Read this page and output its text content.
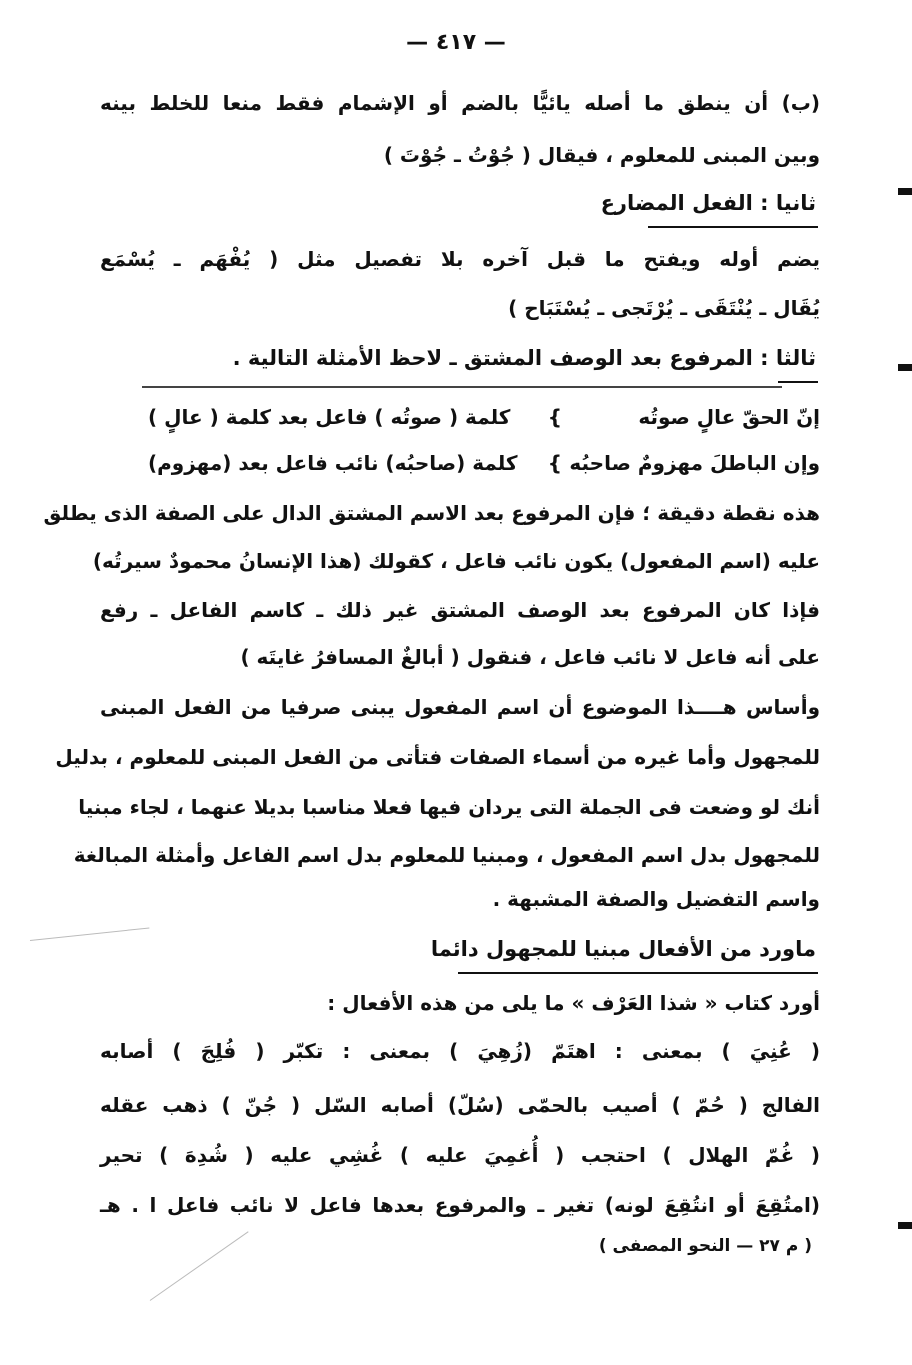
— ٤١٧ —
(ب) أن ينطق ما أصله يائيًّا بالضم أو الإشمام فقط منعا للخلط بينه
وبين المبنى للمعلوم ، فيقال ( جُوْتُ ـ جُوْتَ )
ثانيا : الفعل المضارع
يضم أوله ويفتح ما قبل آخره بلا تفصيل مثل ( يُفْهَم ـ يُسْمَع
يُقَال ـ يُنْتَقَى ـ يُرْتَجى ـ يُسْتَبَاح )
ثالثا : المرفوع بعد الوصف المشتق ـ لاحظ الأمثلة التالية .
إنّ الحقّ عالٍ صوتُه
}
كلمة ( صوتُه ) فاعل بعد كلمة ( عالٍ )
وإن الباطلَ مهزومٌ صاحبُه
}
كلمة (صاحبُه) نائب فاعل بعد (مهزوم)
هذه نقطة دقيقة ؛ فإن المرفوع بعد الاسم المشتق الدال على الصفة الذى يطلق
عليه (اسم المفعول) يكون نائب فاعل ، كقولك (هذا الإنسانُ محمودٌ سيرتُه)
فإذا كان المرفوع بعد الوصف المشتق غير ذلك ـ كاسم الفاعل ـ رفع
على أنه فاعل لا نائب فاعل ، فنقول ( أبالغٌ المسافرُ غايتَه )
وأساس هــــذا الموضوع أن اسم المفعول يبنى صرفيا من الفعل المبنى
للمجهول وأما غيره من أسماء الصفات فتأتى من الفعل المبنى للمعلوم ، بدليل
أنك لو وضعت فى الجملة التى يردان فيها فعلا مناسبا بديلا عنهما ، لجاء مبنيا
للمجهول بدل اسم المفعول ، ومبنيا للمعلوم بدل اسم الفاعل وأمثلة المبالغة
واسم التفضيل والصفة المشبهة .
ماورد من الأفعال مبنيا للمجهول دائما
أورد كتاب « شذا العَرْف » ما يلى من هذه الأفعال :
( عُنِيَ ) بمعنى : اهتَمّ (زُهِيَ ) بمعنى : تكبّر ( فُلِجَ ) أصابه
الفالج ( حُمّ ) أصيب بالحمّى (سُلّ) أصابه السّل ( جُنّ ) ذهب عقله
( غُمّ الهلال ) احتجب ( أُغمِيَ عليه ) غُشِي عليه ( شُدِهَ ) تحير
(امتُقِعَ أو انتُقِعَ لونه) تغير ـ والمرفوع بعدها فاعل لا نائب فاعل ا . هـ
( م ٢٧ — النحو المصفى )
